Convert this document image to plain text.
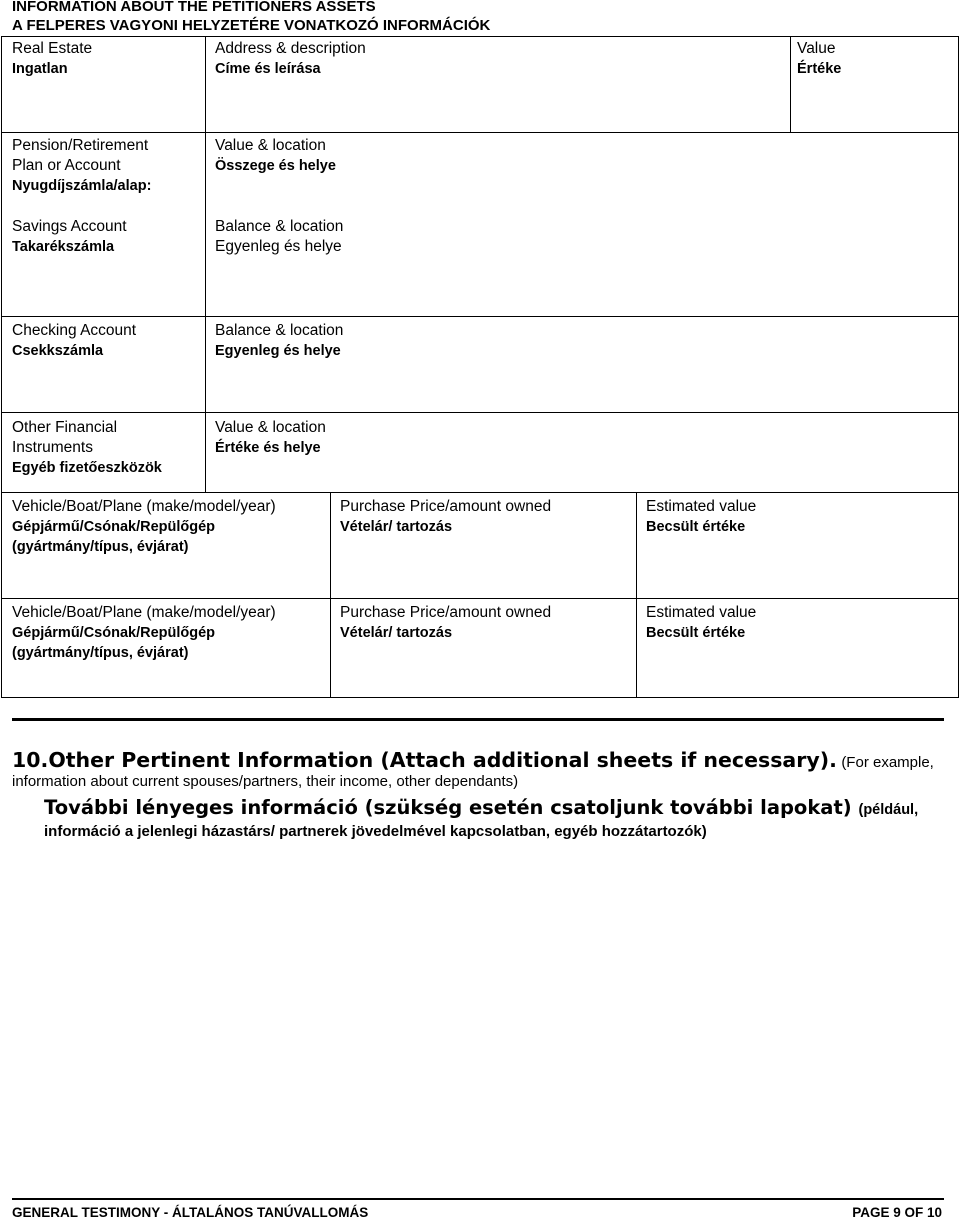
INFORMATION ABOUT THE PETITIONERS ASSETS
A FELPERES VAGYONI HELYZETÉRE VONATKOZÓ INFORMÁCIÓK
Real Estate
Ingatlan
Address & description
Címe és leírása
Value
Értéke
Pension/Retirement
Plan or Account
Nyugdíjszámla/alap:
Value & location
Összege és helye
Savings Account
Takarékszámla
Balance & location
Egyenleg és helye
Checking Account
Csekkszámla
Balance & location
Egyenleg és helye
Other Financial
Instruments
Egyéb fizetőeszközök
Value & location
Értéke és helye
Vehicle/Boat/Plane (make/model/year)
Gépjármű/Csónak/Repülőgép
(gyártmány/típus, évjárat)
Purchase Price/amount owned
Vételár/ tartozás
Estimated value
Becsült értéke
Vehicle/Boat/Plane (make/model/year)
Gépjármű/Csónak/Repülőgép
(gyártmány/típus, évjárat)
Purchase Price/amount owned
Vételár/ tartozás
Estimated value
Becsült értéke
10.Other Pertinent Information (Attach additional sheets if necessary). (For example,
information about current spouses/partners, their income, other dependants)
További lényeges információ (szükség esetén csatoljunk további lapokat) (például,
információ a jelenlegi házastárs/ partnerek jövedelmével kapcsolatban, egyéb hozzátartozók)
GENERAL TESTIMONY - ÁLTALÁNOS TANÚVALLOMÁS	PAGE 9 OF 10
